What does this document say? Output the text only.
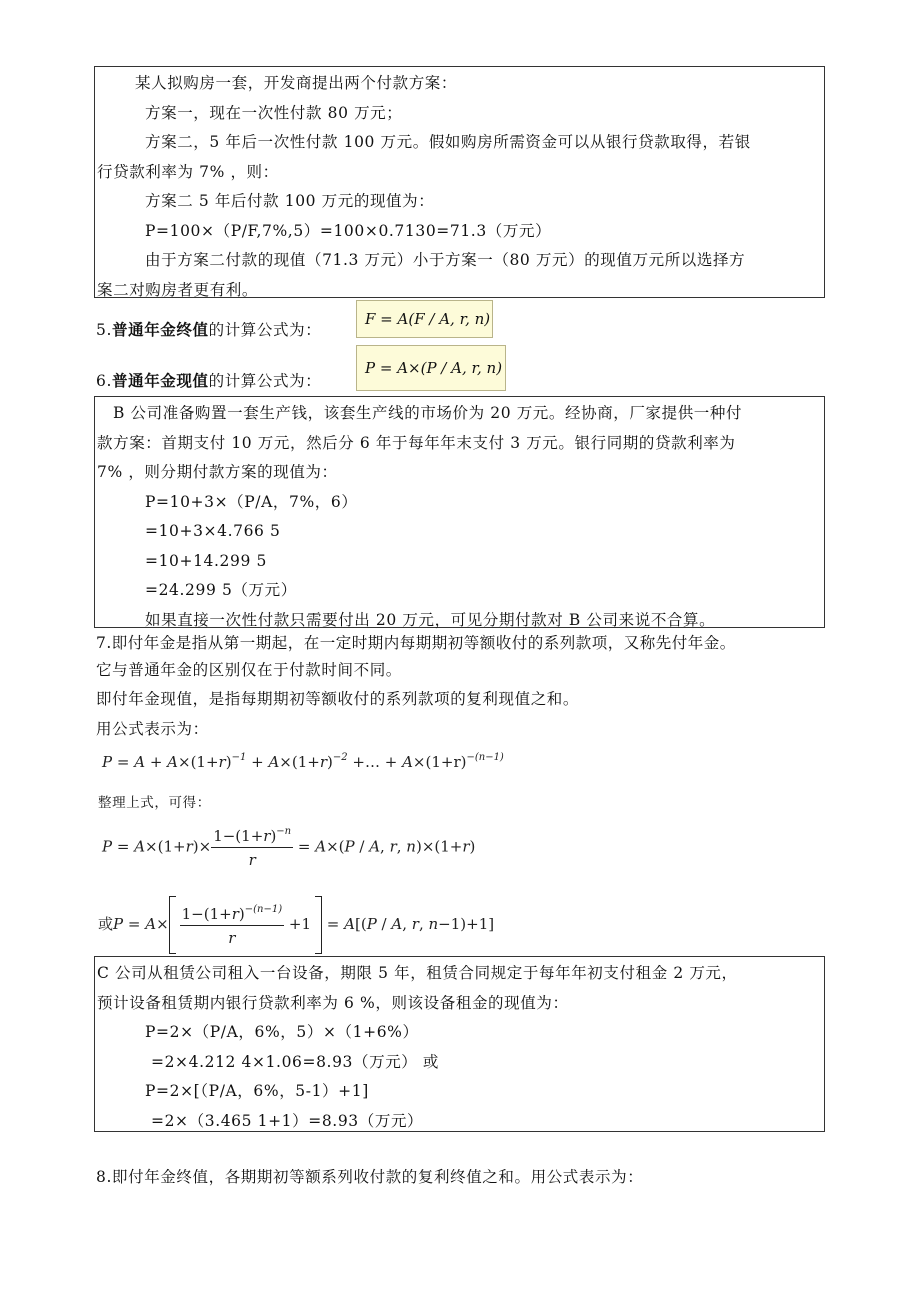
某人拟购房一套，开发商提出两个付款方案：
方案一，现在一次性付款 80 万元；
方案二，5 年后一次性付款 100 万元。假如购房所需资金可以从银行贷款取得，若银
行贷款利率为 7% ，则：
方案二 5 年后付款 100 万元的现值为：
P=100×（P/F,7%,5）=100×0.7130=71.3（万元）
由于方案二付款的现值（71.3 万元）小于方案一（80 万元）的现值万元所以选择方
案二对购房者更有利。
5.普通年金终值的计算公式为：
F = A(F / A, r, n)
6.普通年金现值的计算公式为：
P = A×(P / A, r, n)
B 公司准备购置一套生产钱，该套生产线的市场价为 20 万元。经协商，厂家提供一种付
款方案：首期支付 10 万元，然后分 6 年于每年年末支付 3 万元。银行同期的贷款利率为
7% ，则分期付款方案的现值为：
P=10+3×（P/A，7%，6）
=10+3×4.766 5
=10+14.299 5
=24.299 5（万元）
如果直接一次性付款只需要付出 20 万元，可见分期付款对 B 公司来说不合算。
7.即付年金是指从第一期起，在一定时期内每期期初等额收付的系列款项，又称先付年金。
它与普通年金的区别仅在于付款时间不同。
即付年金现值，是指每期期初等额收付的系列款项的复利现值之和。
用公式表示为：
$P = A + A\times(1+r)^{-1} + A\times(1+r)^{-2}$ +… + $A\times(1+r)^{-(n-1)}$
整理上式，可得：
$P = A\times(1+r)\times \frac{1-(1+r)^{-n}}{r} = A\times(P / A$, r, n)×(1+r)
或$P = A\times \frac{1-(1+r)^{-(n-1)}}{r} +1 = A[(P / A$, r, n−1)+1]
C 公司从租赁公司租入一台设备，期限 5 年，租赁合同规定于每年年初支付租金 2 万元，
预计设备租赁期内银行贷款利率为 6 %，则该设备租金的现值为：
P=2×（P/A，6%，5）×（1+6%）
=2×4.212 4×1.06=8.93（万元） 或
P=2×[（P/A，6%，5-1）+1]
=2×（3.465 1+1）=8.93（万元）
8.即付年金终值，各期期初等额系列收付款的复利终值之和。用公式表示为：
